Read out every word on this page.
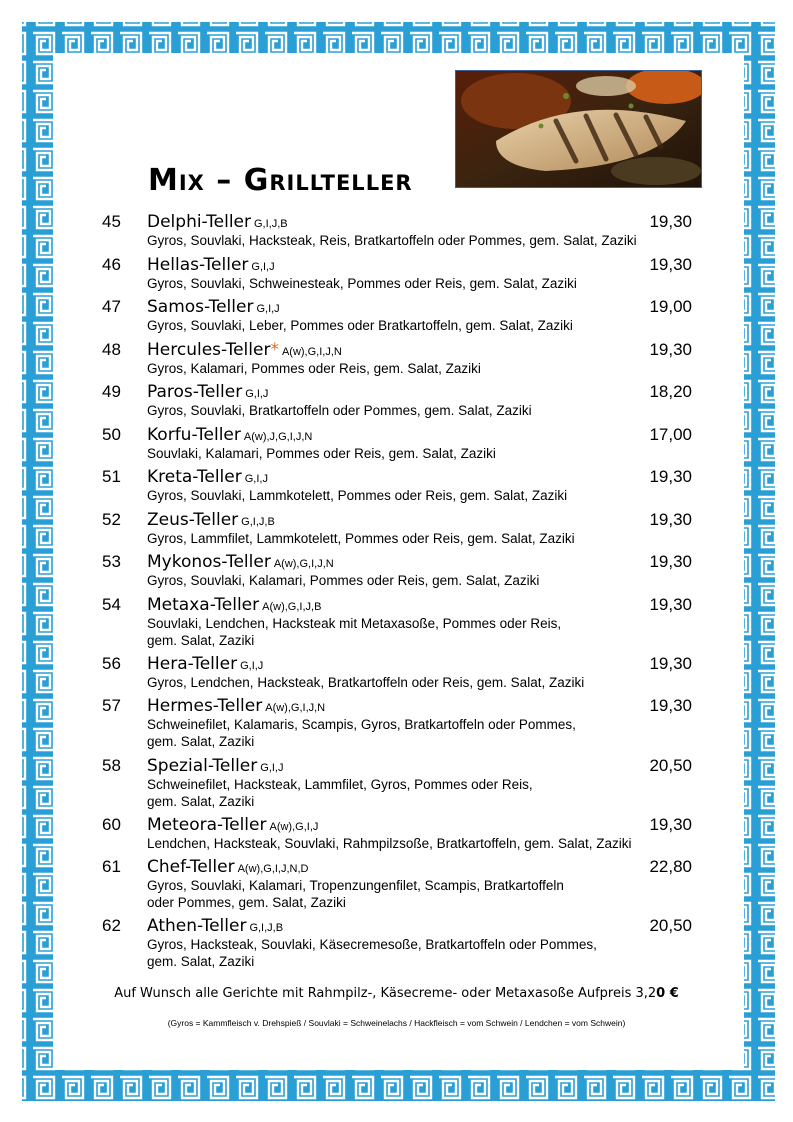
Mix – Grillteller
45 Delphi-Teller G,I,J,B	19,30
Gyros, Souvlaki, Hacksteak, Reis, Bratkartoffeln oder Pommes, gem. Salat, Zaziki
46 Hellas-Teller G,I,J	19,30
Gyros, Souvlaki, Schweinesteak, Pommes oder Reis, gem. Salat, Zaziki
47 Samos-Teller G,I,J	19,00
Gyros, Souvlaki, Leber, Pommes oder Bratkartoffeln, gem. Salat, Zaziki
48 Hercules-Teller* A(w),G,I,J,N	19,30
Gyros, Kalamari, Pommes oder Reis, gem. Salat, Zaziki
49 Paros-Teller G,I,J	18,20
Gyros, Souvlaki, Bratkartoffeln oder Pommes, gem. Salat, Zaziki
50 Korfu-Teller A(w),J,G,I,J,N	17,00
Souvlaki, Kalamari, Pommes oder Reis, gem. Salat, Zaziki
51 Kreta-Teller G,I,J	19,30
Gyros, Souvlaki, Lammkotelett, Pommes oder Reis, gem. Salat, Zaziki
52 Zeus-Teller G,I,J,B	19,30
Gyros, Lammfilet, Lammkotelett, Pommes oder Reis, gem. Salat, Zaziki
53 Mykonos-Teller A(w),G,I,J,N	19,30
Gyros, Souvlaki, Kalamari, Pommes oder Reis, gem. Salat, Zaziki
54 Metaxa-Teller A(w),G,I,J,B	19,30
Souvlaki, Lendchen, Hacksteak mit Metaxasoße, Pommes oder Reis,
gem. Salat, Zaziki
56 Hera-Teller G,I,J	19,30
Gyros, Lendchen, Hacksteak, Bratkartoffeln oder Reis, gem. Salat, Zaziki
57 Hermes-Teller A(w),G,I,J,N	19,30
Schweinefilet, Kalamaris, Scampis, Gyros, Bratkartoffeln oder Pommes,
gem. Salat, Zaziki
58 Spezial-Teller G,I,J	20,50
Schweinefilet, Hacksteak, Lammfilet, Gyros, Pommes oder Reis,
gem. Salat, Zaziki
60 Meteora-Teller A(w),G,I,J	19,30
Lendchen, Hacksteak, Souvlaki, Rahmpilzsoße, Bratkartoffeln, gem. Salat, Zaziki
61 Chef-Teller A(w),G,I,J,N,D	22,80
Gyros, Souvlaki, Kalamari, Tropenzungenfilet, Scampis, Bratkartoffeln
oder Pommes, gem. Salat, Zaziki
62 Athen-Teller G,I,J,B	20,50
Gyros, Hacksteak, Souvlaki, Käsecremesoße, Bratkartoffeln oder Pommes,
gem. Salat, Zaziki
Auf Wunsch alle Gerichte mit Rahmpilz-, Käsecreme- oder Metaxasoße Aufpreis 3,20 €
(Gyros = Kammfleisch v. Drehspieß / Souvlaki = Schweinelachs / Hackfleisch = vom Schwein / Lendchen = vom Schwein)
